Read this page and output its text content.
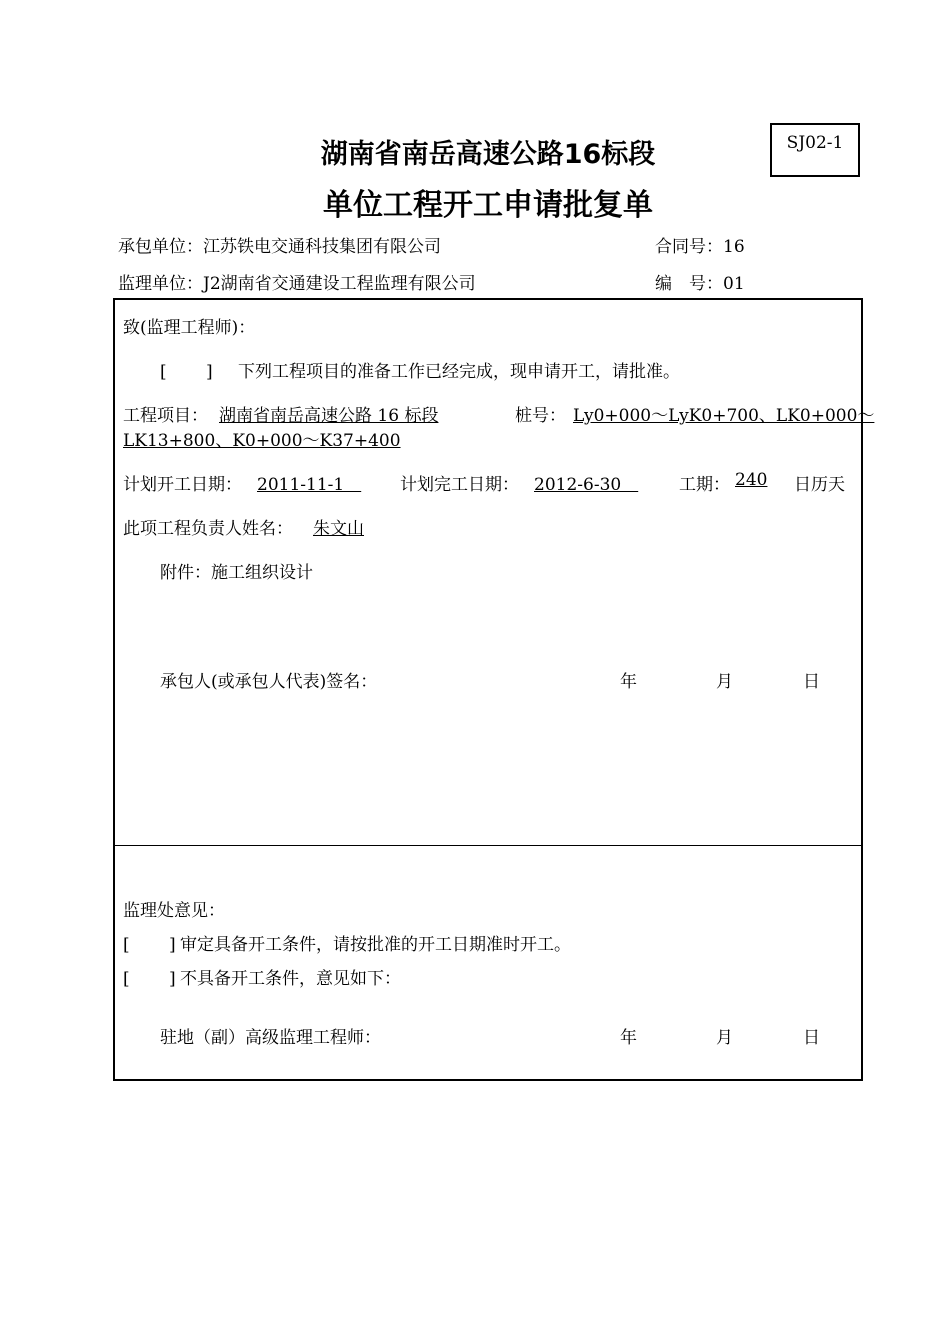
湖南省南岳高速公路16标段
单位工程开工申请批复单
SJ02-1
承包单位：江苏铁电交通科技集团有限公司	合同号：16
监理单位：J2湖南省交通建设工程监理有限公司	编　号：01
致(监理工程师)：
[　　 ] 下列工程项目的准备工作已经完成，现申请开工，请批准。
工程项目： 湖南省南岳高速公路 16 标段	桩号： Ly0+000～LyK0+700、LK0+000～
LK13+800、K0+000～K37+400
计划开工日期： 2011-11-1　 计划完工日期： 2012-6-30　 工期： 240 日历天
此项工程负责人姓名： 朱文山
附件：施工组织设计
承包人(或承包人代表)签名：	年	月	日
监理处意见：
[　　 ] 审定具备开工条件，请按批准的开工日期准时开工。
[　　 ] 不具备开工条件，意见如下：
驻地（副）高级监理工程师：	年	月	日
